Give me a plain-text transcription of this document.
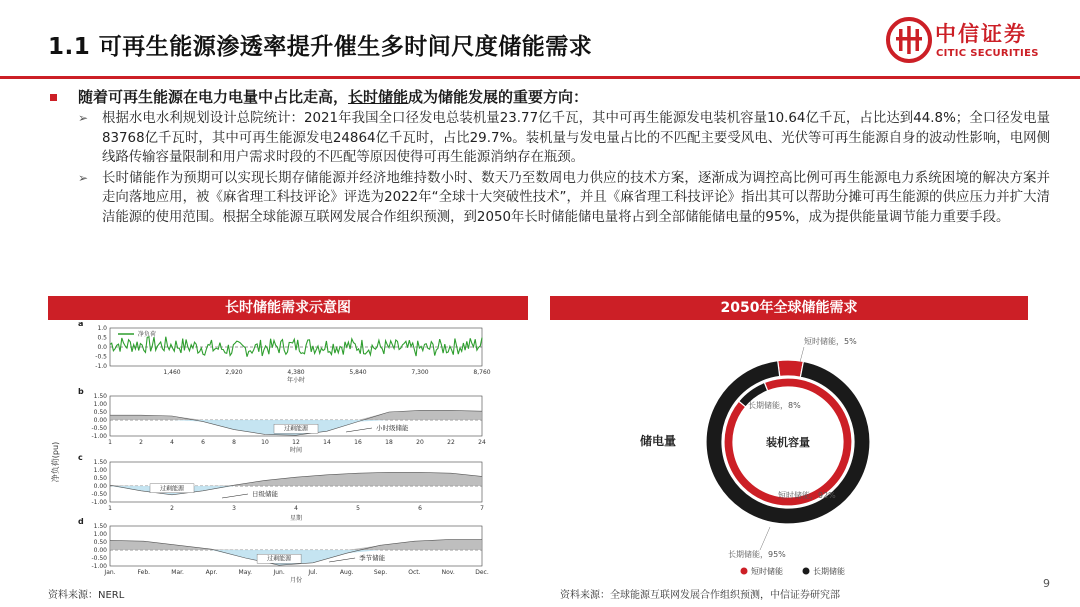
1.1 可再生能源渗透率提升催生多时间尺度储能需求	中信证券
CITIC SECURITIES
随着可再生能源在电力电量中占比走高，长时储能成为储能发展的重要方向：
➢ 根据水电水利规划设计总院统计：2021年我国全口径发电总装机量23.77亿千瓦，其中可再生能源发电装机容量10.64亿千瓦，占比达到44.8%；全口径发电量83768亿千瓦时，其中可再生能源发电24864亿千瓦时，占比29.7%。装机量与发电量占比的不匹配主要受风电、光伏等可再生能源自身的波动性影响，电网侧线路传输容量限制和用户需求时段的不匹配等原因使得可再生能源消纳存在瓶颈。
➢ 长时储能作为预期可以实现长期存储能源并经济地维持数小时、数天乃至数周电力供应的技术方案，逐渐成为调控高比例可再生能源电力系统困境的解决方案并走向落地应用，被《麻省理工科技评论》评选为2022年“全球十大突破性技术”，并且《麻省理工科技评论》指出其可以帮助分摊可再生能源的供应压力并扩大清洁能源的使用范围。根据全球能源互联网发展合作组织预测，到2050年长时储能储电量将占到全部储能储电量的95%，成为提供能量调节能力重要手段。
长时储能需求示意图
净负荷(pu)
a
1.0
0.5
0.0
-0.5
-1.0
1,460	2,920	4,380	5,840	7,300	8,760
年小时
净负荷
b
1.50
1.00
0.50
0.00
-0.50
-1.00
1	2	4	6	8	10	12	14	16	18	20	22	24
时间
过剩能源	小时级储能
c
1.50
1.00
0.50
0.00
-0.50
-1.00
1	2	3	4	5	6	7
过剩能源
日级储能
d
1.50
1.00
0.50
0.00
-0.50
-1.00
Jan.	Feb.	Mar.	Apr.	May.	Jun.	Jul.	Aug.	Sep.	Oct.	Nov.	Dec.
月份
星期
过剩能源	季节储能
资料来源：NERL
2050年全球储能需求
储电量	装机容量
短时储能，5%
长期储能，8%
短时储能，92%
长期储能，95%
短时储能	长期储能
资料来源：全球能源互联网发展合作组织预测，中信证券研究部
9
